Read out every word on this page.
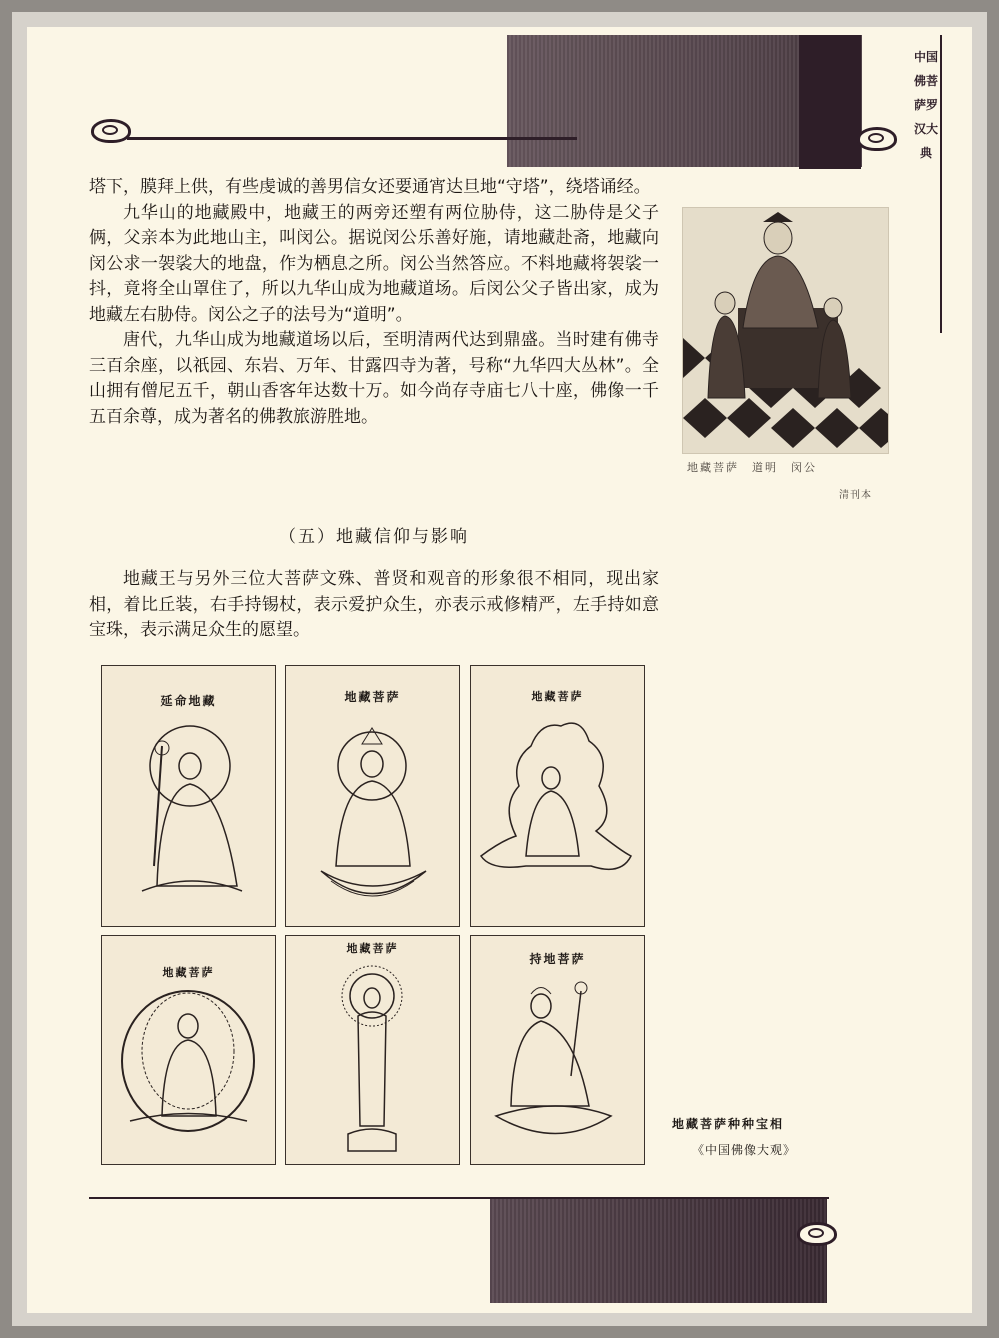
中国佛菩萨罗汉大典

塔下，膜拜上供，有些虔诚的善男信女还要通宵达旦地“守塔”，绕塔诵经。

九华山的地藏殿中，地藏王的两旁还塑有两位胁侍，这二胁侍是父子俩，父亲本为此地山主，叫闵公。据说闵公乐善好施，请地藏赴斋，地藏向闵公求一袈裟大的地盘，作为栖息之所。闵公当然答应。不料地藏将袈裟一抖，竟将全山罩住了，所以九华山成为地藏道场。后闵公父子皆出家，成为地藏左右胁侍。闵公之子的法号为“道明”。

唐代，九华山成为地藏道场以后，至明清两代达到鼎盛。当时建有佛寺三百余座，以祇园、东岩、万年、甘露四寺为著，号称“九华四大丛林”。全山拥有僧尼五千，朝山香客年达数十万。如今尚存寺庙七八十座，佛像一千五百余尊，成为著名的佛教旅游胜地。

（五）地藏信仰与影响

地藏王与另外三位大菩萨文殊、普贤和观音的形象很不相同，现出家相，着比丘装，右手持锡杖，表示爱护众生，亦表示戒修精严，左手持如意宝珠，表示满足众生的愿望。

地藏菩萨　道明　闵公
清刊本
延命地藏	地藏菩萨	地藏菩萨
地藏菩萨
地藏菩萨
持地菩萨
地藏菩萨种种宝相
《中国佛像大观》
